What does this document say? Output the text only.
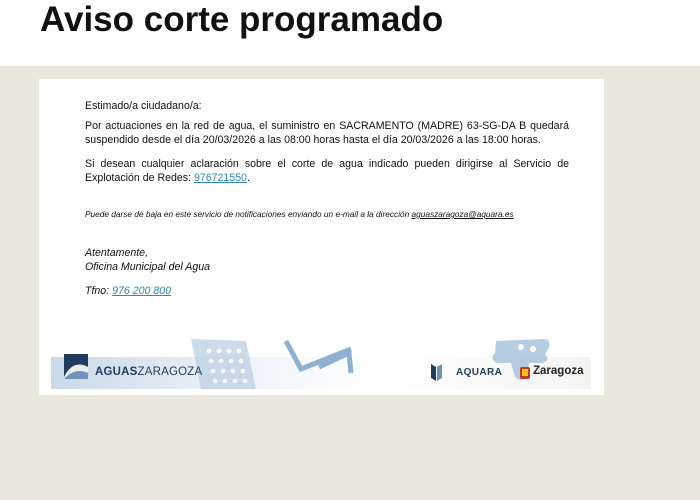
Aviso corte programado

Estimado/a ciudadano/a:

Por actuaciones en la red de agua, el suministro en SACRAMENTO (MADRE) 63-SG-DA B quedará suspendido desde el día 20/03/2026 a las 08:00 horas hasta el día 20/03/2026 a las 18:00 horas.

Si desean cualquier aclaración sobre el corte de agua indicado pueden dirigirse al Servicio de Explotación de Redes: 976721550.

Puede darse de baja en este servicio de notificaciones enviando un e-mail a la dirección aguaszaragoza@aquara.es

Atentamente,
Oficina Municipal del Agua

Tfno: 976 200 800

AGUASZARAGOZA	AQUARA	Zaragoza
